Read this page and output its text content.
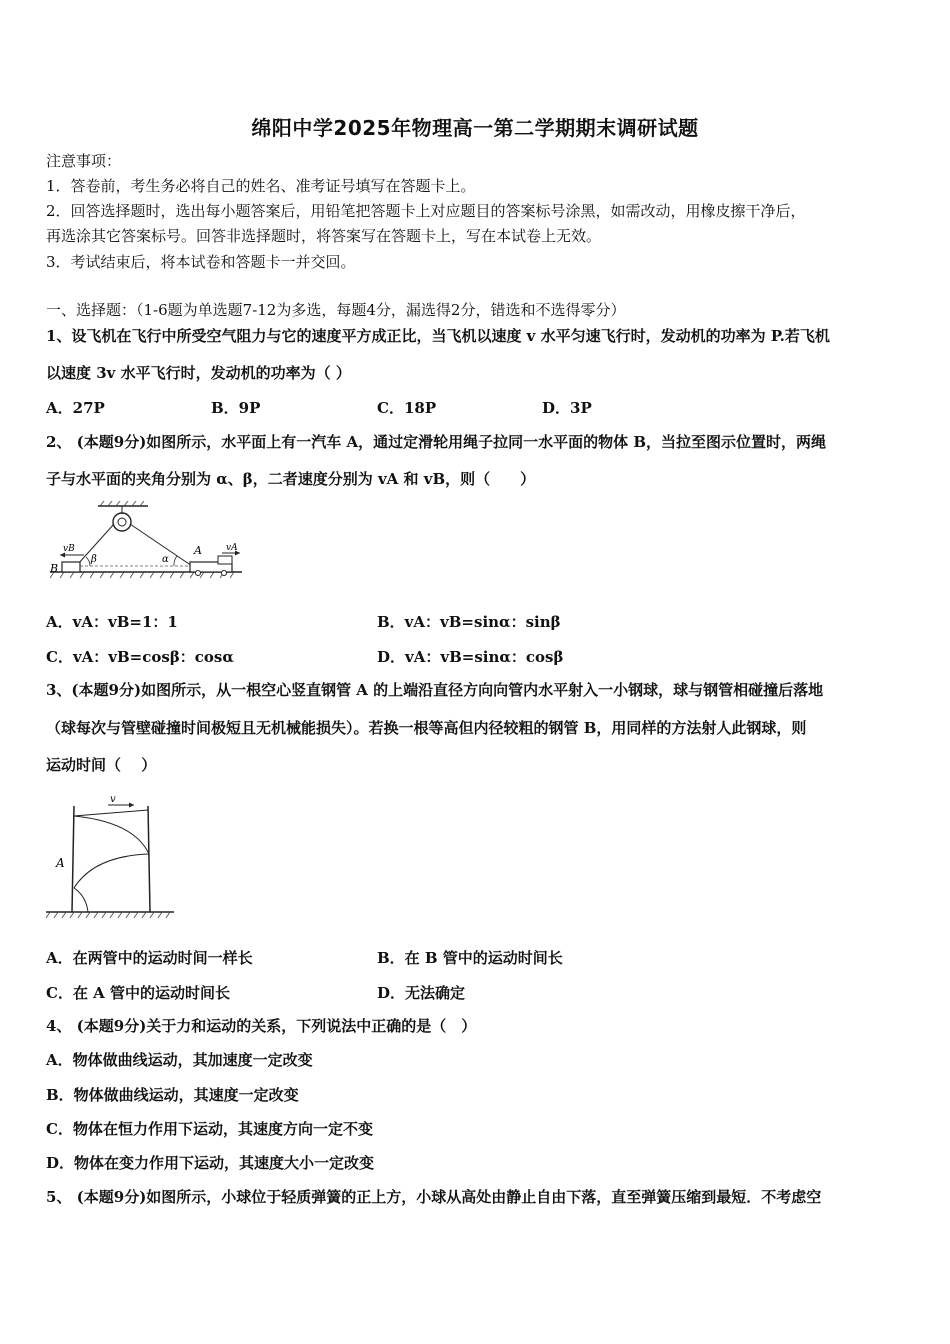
绵阳中学2025年物理高一第二学期期末调研试题
注意事项：
1．答卷前，考生务必将自己的姓名、准考证号填写在答题卡上。
2．回答选择题时，选出每小题答案后，用铅笔把答题卡上对应题目的答案标号涂黑，如需改动，用橡皮擦干净后，
再选涂其它答案标号。回答非选择题时，将答案写在答题卡上，写在本试卷上无效。
3．考试结束后，将本试卷和答题卡一并交回。
一、选择题：（1-6题为单选题7-12为多选，每题4分，漏选得2分，错选和不选得零分）
1、设飞机在飞行中所受空气阻力与它的速度平方成正比，当飞机以速度 v 水平匀速飞行时，发动机的功率为 P.若飞机
以速度 3v 水平飞行时，发动机的功率为（ ）
A．27P	B．9P	C．18P	D．3P
2、 (本题9分)如图所示，水平面上有一汽车 A，通过定滑轮用绳子拉同一水平面的物体 B，当拉至图示位置时，两绳
子与水平面的夹角分别为 α、β，二者速度分别为 vA 和 vB，则（　　）
vB
β
B
α
A	vA
A．vA：vB=1：1	B．vA：vB=sinα：sinβ
C．vA：vB=cosβ：cosα	D．vA：vB=sinα：cosβ
3、(本题9分)如图所示，从一根空心竖直钢管 A 的上端沿直径方向向管内水平射入一小钢球，球与钢管相碰撞后落地
（球每次与管壁碰撞时间极短且无机械能损失）。若换一根等高但内径较粗的钢管 B，用同样的方法射人此钢球，则
运动时间（　 ）
v
A
A．在两管中的运动时间一样长	B．在 B 管中的运动时间长
C．在 A 管中的运动时间长	D．无法确定
4、 (本题9分)关于力和运动的关系，下列说法中正确的是（　）
A．物体做曲线运动，其加速度一定改变
B．物体做曲线运动，其速度一定改变
C．物体在恒力作用下运动，其速度方向一定不变
D．物体在变力作用下运动，其速度大小一定改变
5、 (本题9分)如图所示，小球位于轻质弹簧的正上方，小球从高处由静止自由下落，直至弹簧压缩到最短．不考虑空
